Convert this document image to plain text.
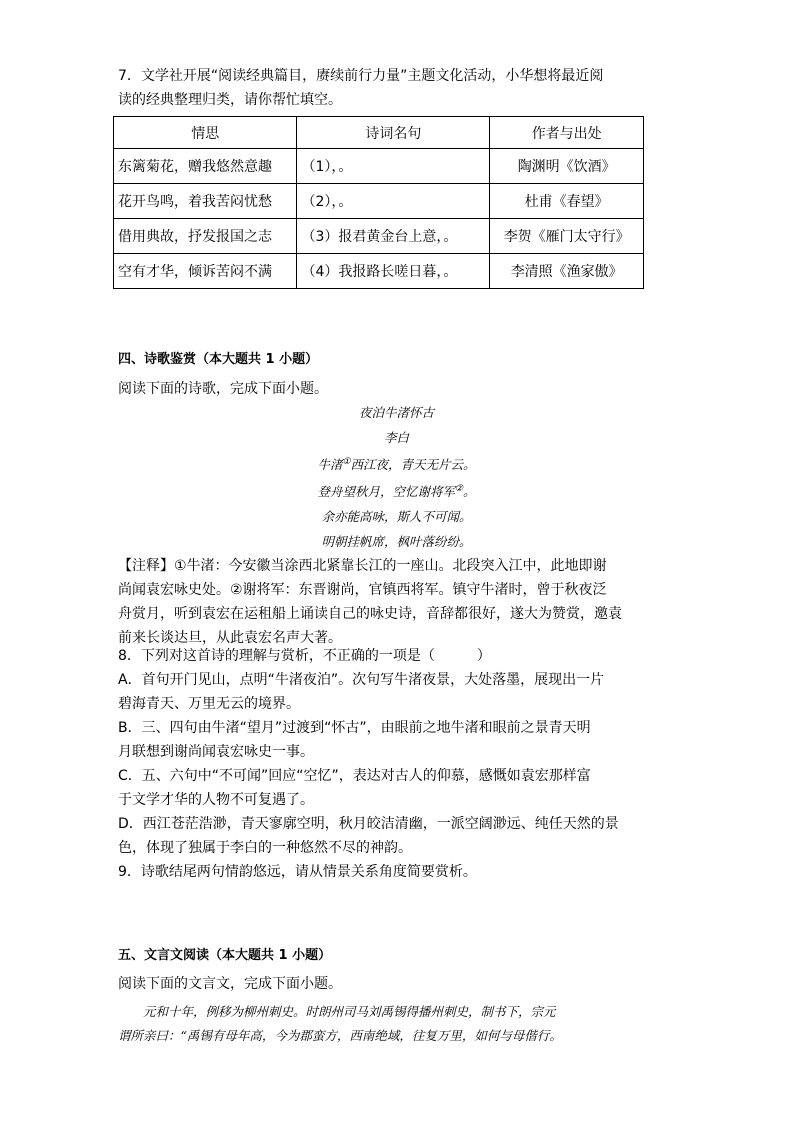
7．文学社开展“阅读经典篇目，赓续前行力量”主题文化活动，小华想将最近阅
读的经典整理归类，请你帮忙填空。
情思	诗词名句	作者与出处
东篱菊花，赠我悠然意趣	（1），。	陶渊明《饮酒》
花开鸟鸣，着我苦闷忧愁	（2），。	杜甫《春望》
借用典故，抒发报国之志	（3）报君黄金台上意，。	李贺《雁门太守行》
空有才华，倾诉苦闷不满	（4）我报路长嗟日暮，。	李清照《渔家傲》
四、诗歌鉴赏（本大题共 1 小题）
阅读下面的诗歌，完成下面小题。
夜泊牛渚怀古
李白
牛渚①西江夜，青天无片云。
登舟望秋月，空忆谢将军②。
余亦能高咏，斯人不可闻。
明朝挂帆席，枫叶落纷纷。
【注释】①牛渚：今安徽当涂西北紧靠长江的一座山。北段突入江中，此地即谢
尚闻袁宏咏史处。②谢将军：东晋谢尚，官镇西将军。镇守牛渚时，曾于秋夜泛
舟赏月，听到袁宏在运租船上诵读自己的咏史诗，音辞都很好，遂大为赞赏，邀袁
前来长谈达旦，从此袁宏名声大著。
8．下列对这首诗的理解与赏析，不正确的一项是（　　　）
A．首句开门见山，点明“牛渚夜泊”。次句写牛渚夜景，大处落墨，展现出一片
碧海青天、万里无云的境界。
B．三、四句由牛渚“望月”过渡到“怀古”，由眼前之地牛渚和眼前之景青天明
月联想到谢尚闻袁宏咏史一事。
C．五、六句中“不可闻”回应“空忆”，表达对古人的仰慕，感慨如袁宏那样富
于文学才华的人物不可复遇了。
D．西江苍茫浩渺，青天寥廓空明，秋月皎洁清幽，一派空阔渺远、纯任天然的景
色，体现了独属于李白的一种悠然不尽的神韵。
9．诗歌结尾两句情韵悠远，请从情景关系角度简要赏析。
五、文言文阅读（本大题共 1 小题）
阅读下面的文言文，完成下面小题。
　　元和十年，例移为柳州刺史。时朗州司马刘禹锡得播州刺史，制书下，宗元
谓所亲曰：“禹锡有母年高，今为郡蛮方，西南绝域，往复万里，如何与母偕行。
